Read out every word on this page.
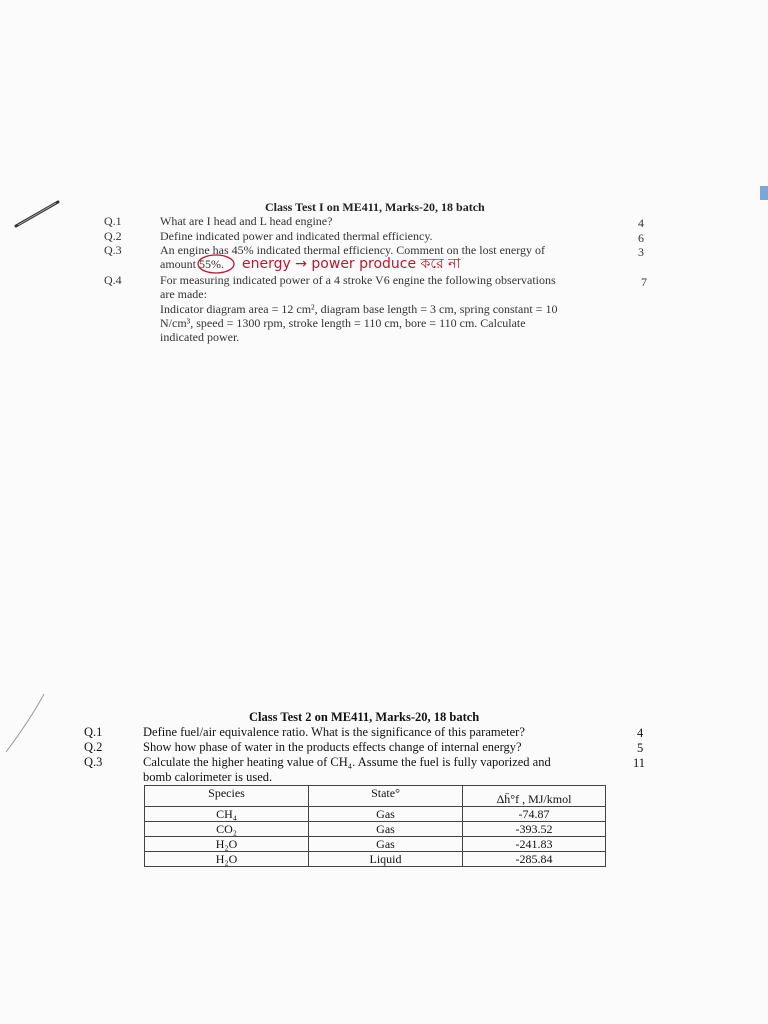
Class Test I on ME411, Marks-20, 18 batch
Q.1	What are I head and L head engine?	4
Q.2	Define indicated power and indicated thermal efficiency.	6
Q.3	An engine has 45% indicated thermal efficiency. Comment on the lost energy of	3
amount 55%. energy → power produce করে না
Q.4	For measuring indicated power of a 4 stroke V6 engine the following observations	7
are made:
Indicator diagram area = 12 cm², diagram base length = 3 cm, spring constant = 10
N/cm³, speed = 1300 rpm, stroke length = 110 cm, bore = 110 cm. Calculate
indicated power.
Class Test 2 on ME411, Marks-20, 18 batch
Q.1	Define fuel/air equivalence ratio. What is the significance of this parameter?	4
Q.2	Show how phase of water in the products effects change of internal energy?	5
Q.3	Calculate the higher heating value of CH₄. Assume the fuel is fully vaporized and	11
bomb calorimeter is used.
Species	State°	Δh̄°f , MJ/kmol
CH₄	Gas	-74.87
CO₂	Gas	-393.52
H₂O	Gas	-241.83
H₂O	Liquid	-285.84
